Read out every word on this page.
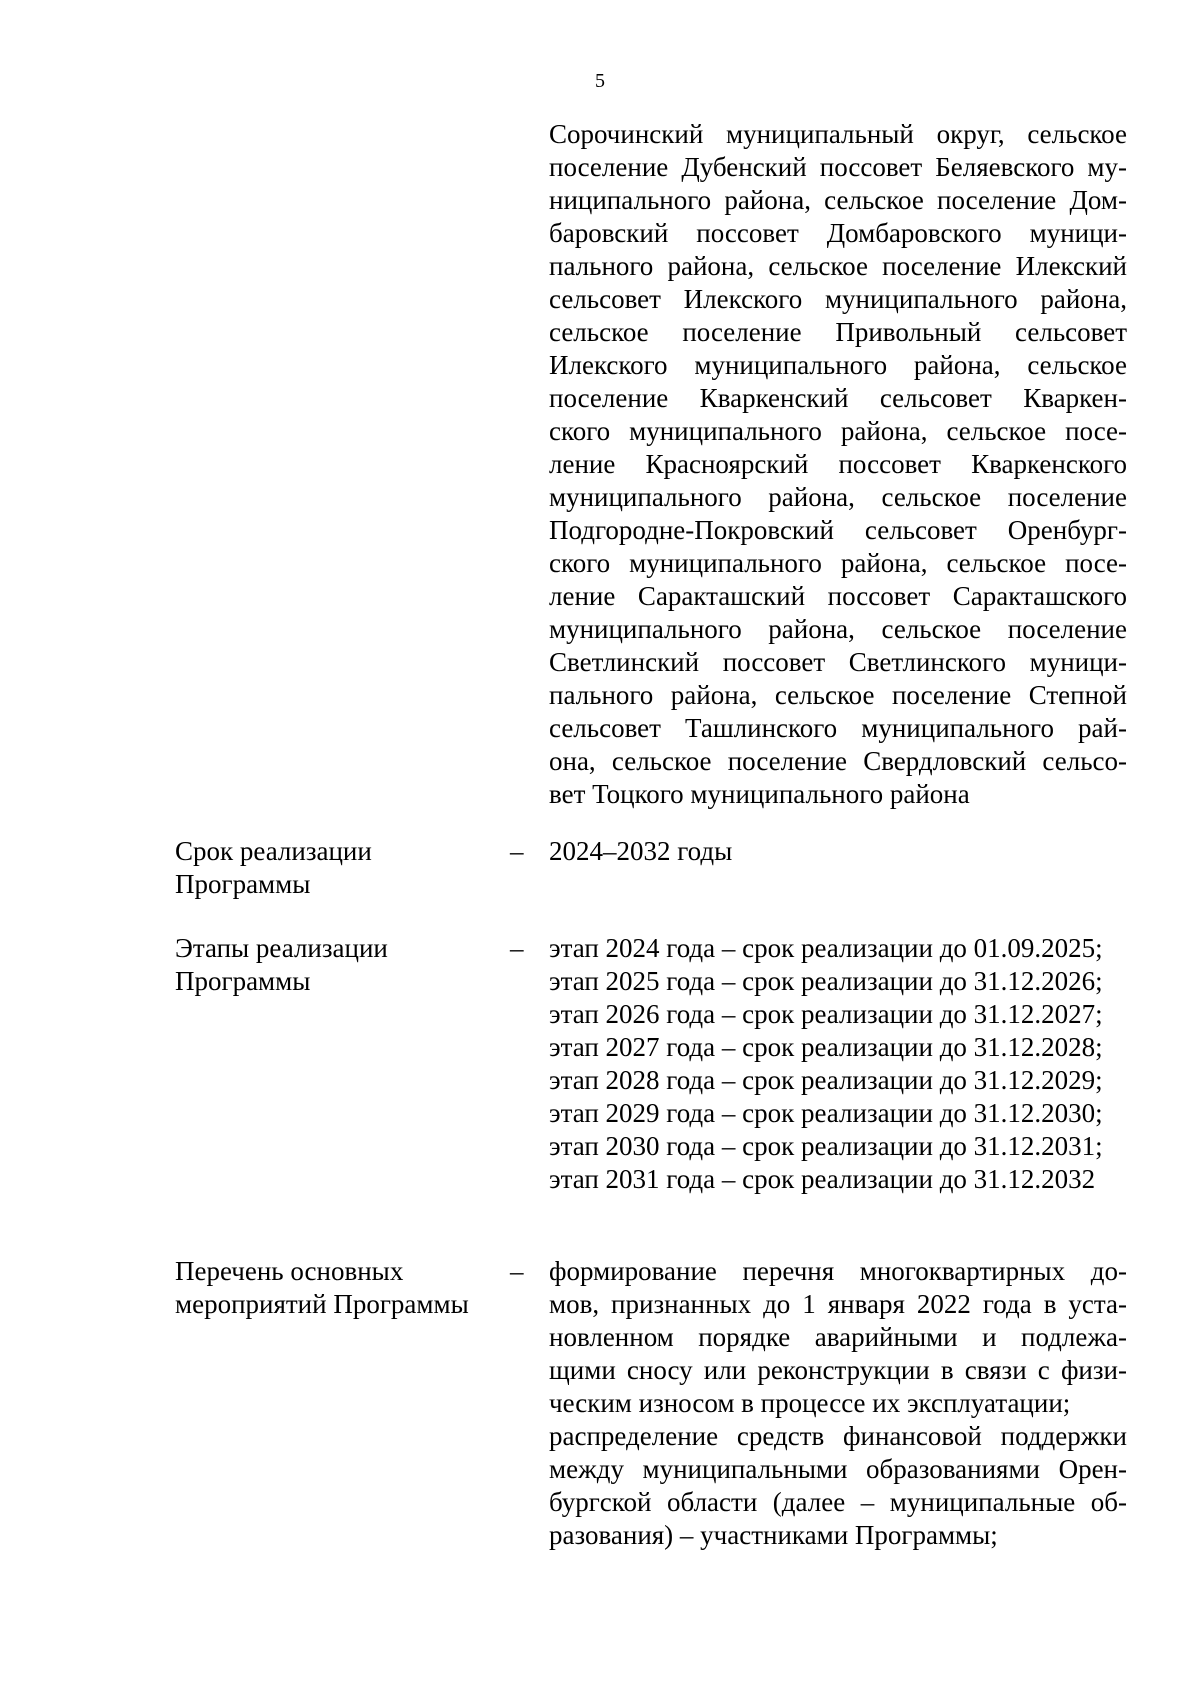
5
Сорочинский муниципальный округ, сельское
поселение Дубенский поссовет Беляевского му-
ниципального района, сельское поселение Дом-
баровский поссовет Домбаровского муници-
пального района, сельское поселение Илекский
сельсовет Илекского муниципального района,
сельское поселение Привольный сельсовет
Илекского муниципального района, сельское
поселение Кваркенский сельсовет Кваркен-
ского муниципального района, сельское посе-
ление Красноярский поссовет Кваркенского
муниципального района, сельское поселение
Подгородне-Покровский сельсовет Оренбург-
ского муниципального района, сельское посе-
ление Саракташский поссовет Саракташского
муниципального района, сельское поселение
Светлинский поссовет Светлинского муници-
пального района, сельское поселение Степной
сельсовет Ташлинского муниципального рай-
она, сельское поселение Свердловский сельсо-
вет Тоцкого муниципального района
Срок реализации
Программы
– 2024–2032 годы
Этапы реализации
Программы
– этап 2024 года – срок реализации до 01.09.2025;
этап 2025 года – срок реализации до 31.12.2026;
этап 2026 года – срок реализации до 31.12.2027;
этап 2027 года – срок реализации до 31.12.2028;
этап 2028 года – срок реализации до 31.12.2029;
этап 2029 года – срок реализации до 31.12.2030;
этап 2030 года – срок реализации до 31.12.2031;
этап 2031 года – срок реализации до 31.12.2032
Перечень основных
мероприятий Программы
– формирование перечня многоквартирных до-
мов, признанных до 1 января 2022 года в уста-
новленном порядке аварийными и подлежа-
щими сносу или реконструкции в связи с физи-
ческим износом в процессе их эксплуатации;
распределение средств финансовой поддержки
между муниципальными образованиями Орен-
бургской области (далее – муниципальные об-
разования) – участниками Программы;
